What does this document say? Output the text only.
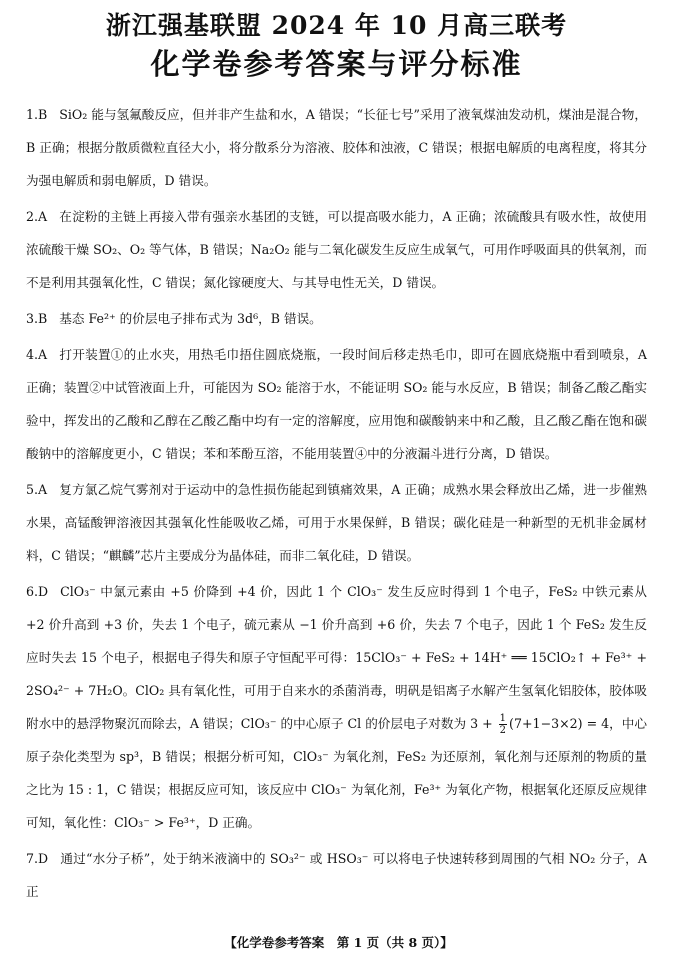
浙江强基联盟 2024 年 10 月高三联考
化学卷参考答案与评分标准

1.B SiO₂ 能与氢氟酸反应，但并非产生盐和水，A 错误；“长征七号”采用了液氧煤油发动机，煤油是混合物，B 正确；根据分散质微粒直径大小，将分散系分为溶液、胶体和浊液，C 错误；根据电解质的电离程度，将其分为强电解质和弱电解质，D 错误。

2.A 在淀粉的主链上再接入带有强亲水基团的支链，可以提高吸水能力，A 正确；浓硫酸具有吸水性，故使用浓硫酸干燥 SO₂、O₂ 等气体，B 错误；Na₂O₂ 能与二氧化碳发生反应生成氧气，可用作呼吸面具的供氧剂，而不是利用其强氧化性，C 错误；氮化镓硬度大、与其导电性无关，D 错误。

3.B 基态 Fe²⁺ 的价层电子排布式为 3d⁶，B 错误。

4.A 打开装置①的止水夹，用热毛巾捂住圆底烧瓶，一段时间后移走热毛巾，即可在圆底烧瓶中看到喷泉，A 正确；装置②中试管液面上升，可能因为 SO₂ 能溶于水，不能证明 SO₂ 能与水反应，B 错误；制备乙酸乙酯实验中，挥发出的乙酸和乙醇在乙酸乙酯中均有一定的溶解度，应用饱和碳酸钠来中和乙酸，且乙酸乙酯在饱和碳酸钠中的溶解度更小，C 错误；苯和苯酚互溶，不能用装置④中的分液漏斗进行分离，D 错误。

5.A 复方氯乙烷气雾剂对于运动中的急性损伤能起到镇痛效果，A 正确；成熟水果会释放出乙烯，进一步催熟水果，高锰酸钾溶液因其强氧化性能吸收乙烯，可用于水果保鲜，B 错误；碳化硅是一种新型的无机非金属材料，C 错误；“麒麟”芯片主要成分为晶体硅，而非二氧化硅，D 错误。

6.D ClO₃⁻ 中氯元素由 +5 价降到 +4 价，因此 1 个 ClO₃⁻ 发生反应时得到 1 个电子，FeS₂ 中铁元素从 +2 价升高到 +3 价，失去 1 个电子，硫元素从 −1 价升高到 +6 价，失去 7 个电子，因此 1 个 FeS₂ 发生反应时失去 15 个电子，根据电子得失和原子守恒配平可得：15ClO₃⁻ + FeS₂ + 14H⁺ ══ 15ClO₂↑ + Fe³⁺ + 2SO₄²⁻ + 7H₂O。ClO₂ 具有氧化性，可用于自来水的杀菌消毒，明矾是铝离子水解产生氢氧化铝胶体，胶体吸附水中的悬浮物聚沉而除去，A 错误；ClO₃⁻ 的中心原子 Cl 的价层电子对数为 $3 + \frac{1}{2} (7+1-3\times 2) = 4$，中心原子杂化类型为 sp³，B 错误；根据分析可知，ClO₃⁻ 为氧化剂，FeS₂ 为还原剂，氧化剂与还原剂的物质的量之比为 15 : 1，C 错误；根据反应可知，该反应中 ClO₃⁻ 为氧化剂，Fe³⁺ 为氧化产物，根据氧化还原反应规律可知，氧化性：ClO₃⁻ > Fe³⁺，D 正确。

7.D 通过“水分子桥”，处于纳米液滴中的 SO₃²⁻ 或 HSO₃⁻ 可以将电子快速转移到周围的气相 NO₂ 分子，A 正

【化学卷参考答案　第 1 页（共 8 页）】
